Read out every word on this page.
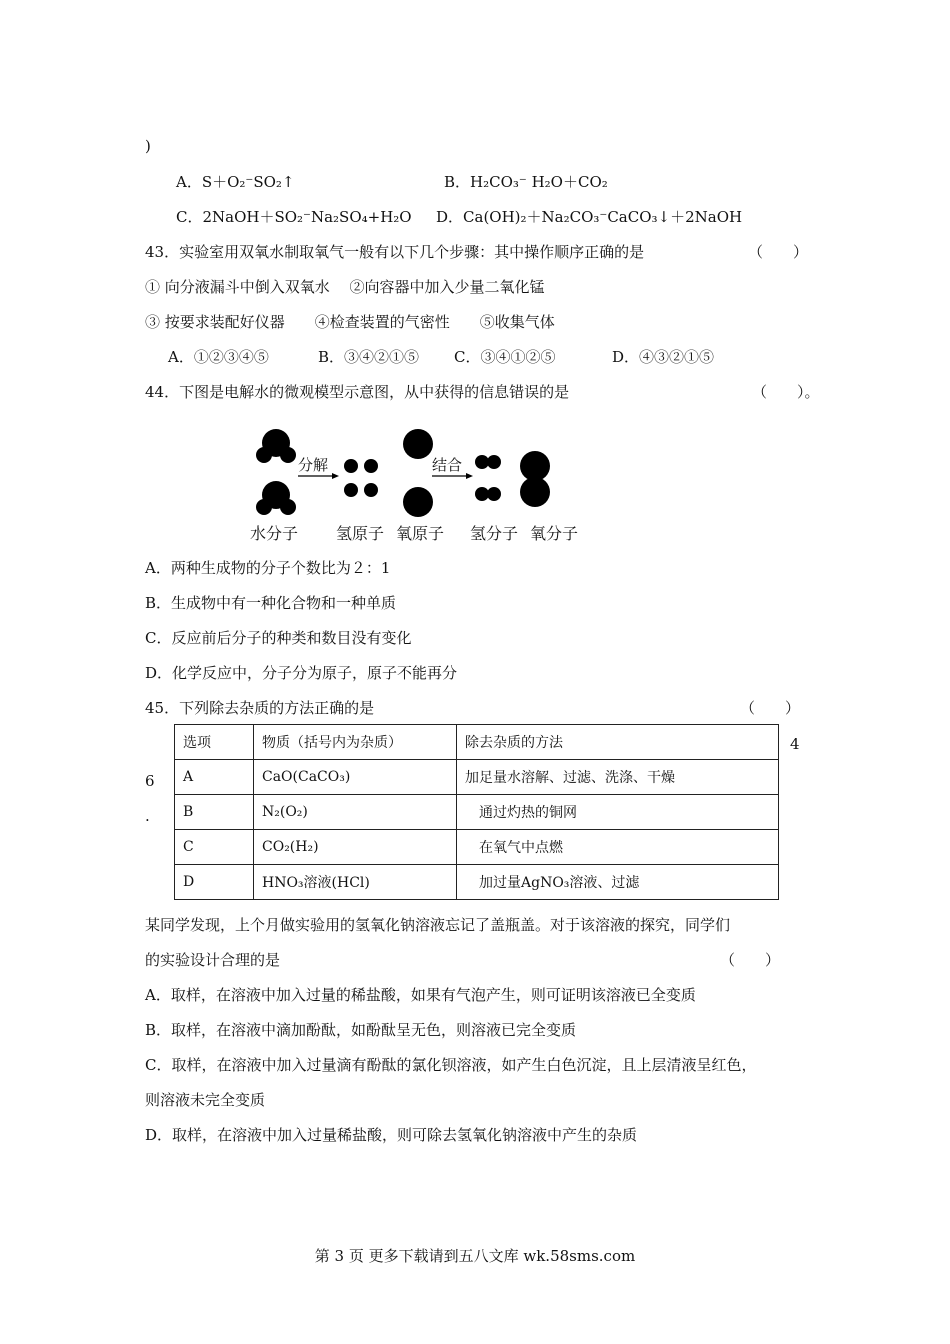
)
A．S＋O₂⁻SO₂↑	B．H₂CO₃⁻ H₂O＋CO₂
C．2NaOH＋SO₂⁻Na₂SO₄+H₂O D．Ca(OH)₂＋Na₂CO₃⁻CaCO₃↓＋2NaOH
43．实验室用双氧水制取氧气一般有以下几个步骤：其中操作顺序正确的是	（　　）
① 向分液漏斗中倒入双氧水　 ②向容器中加入少量二氧化锰
③ 按要求装配好仪器　　④检查装置的气密性　　⑤收集气体
A．①②③④⑤	B．③④②①⑤ C．③④①②⑤	D．④③②①⑤
44．下图是电解水的微观模型示意图，从中获得的信息错误的是	（　　）。
分解	结合
水分子 氢原子 氧原子 氢分子 氧分子
A．两种生成物的分子个数比为２：1
B．生成物中有一种化合物和一种单质
C．反应前后分子的种类和数目没有变化
D．化学反应中，分子分为原子，原子不能再分
45．下列除去杂质的方法正确的是	（　　）
4
6
.
选项	物质（括号内为杂质）	除去杂质的方法
A	CaO(CaCO₃)	加足量水溶解、过滤、洗涤、干燥
B	N₂(O₂)	　通过灼热的铜网
C	CO₂(H₂)	　在氧气中点燃
D	HNO₃溶液(HCl)	　加过量AgNO₃溶液、过滤
某同学发现，上个月做实验用的氢氧化钠溶液忘记了盖瓶盖。对于该溶液的探究，同学们
的实验设计合理的是	（　　）
A．取样，在溶液中加入过量的稀盐酸，如果有气泡产生，则可证明该溶液已全变质
B．取样，在溶液中滴加酚酞，如酚酞呈无色，则溶液已完全变质
C．取样，在溶液中加入过量滴有酚酞的氯化钡溶液，如产生白色沉淀，且上层清液呈红色，
则溶液未完全变质
D．取样，在溶液中加入过量稀盐酸，则可除去氢氧化钠溶液中产生的杂质
第 3 页 更多下载请到五八文库 wk.58sms.com
